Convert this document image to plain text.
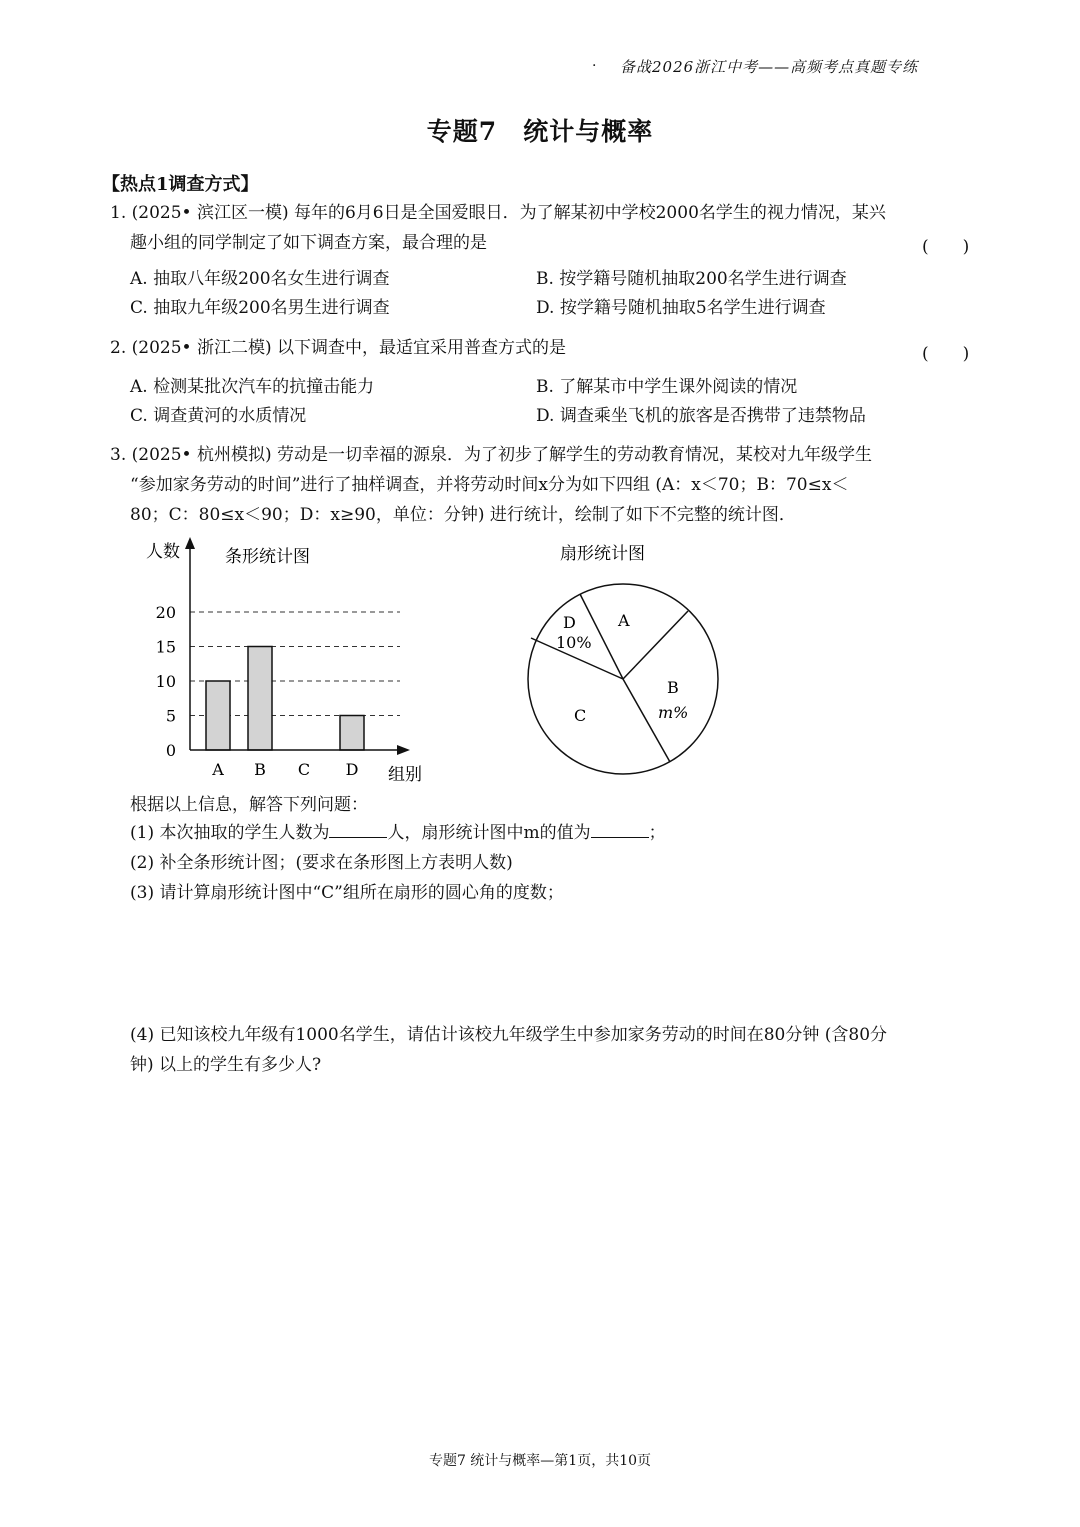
· 备战2026浙江中考——高频考点真题专练
专题7　统计与概率
【热点1调查方式】
1. (2025• 滨江区一模) 每年的6月6日是全国爱眼日．为了解某初中学校2000名学生的视力情况，某兴
趣小组的同学制定了如下调查方案，最合理的是	(　　)
A. 抽取八年级200名女生进行调查	B. 按学籍号随机抽取200名学生进行调查
C. 抽取九年级200名男生进行调查	D. 按学籍号随机抽取5名学生进行调查
2. (2025• 浙江二模) 以下调查中，最适宜采用普查方式的是	(　　)
A. 检测某批次汽车的抗撞击能力	B. 了解某市中学生课外阅读的情况
C. 调查黄河的水质情况	D. 调查乘坐飞机的旅客是否携带了违禁物品
3. (2025• 杭州模拟) 劳动是一切幸福的源泉．为了初步了解学生的劳动教育情况，某校对九年级学生
“参加家务劳动的时间”进行了抽样调查，并将劳动时间x分为如下四组 (A：x＜70；B：70≤x＜
80；C：80≤x＜90；D：x≥90，单位：分钟) 进行统计，绘制了如下不完整的统计图．
人数	条形统计图
0
5
10
15
20
A B C D 组别
扇形统计图
A
B
m%
C
D
10%
根据以上信息，解答下列问题：
(1) 本次抽取的学生人数为	人，扇形统计图中m的值为	；
(2) 补全条形统计图；(要求在条形图上方表明人数)
(3) 请计算扇形统计图中“C”组所在扇形的圆心角的度数；
(4) 已知该校九年级有1000名学生，请估计该校九年级学生中参加家务劳动的时间在80分钟 (含80分
钟) 以上的学生有多少人?
专题7 统计与概率—第1页，共10页
